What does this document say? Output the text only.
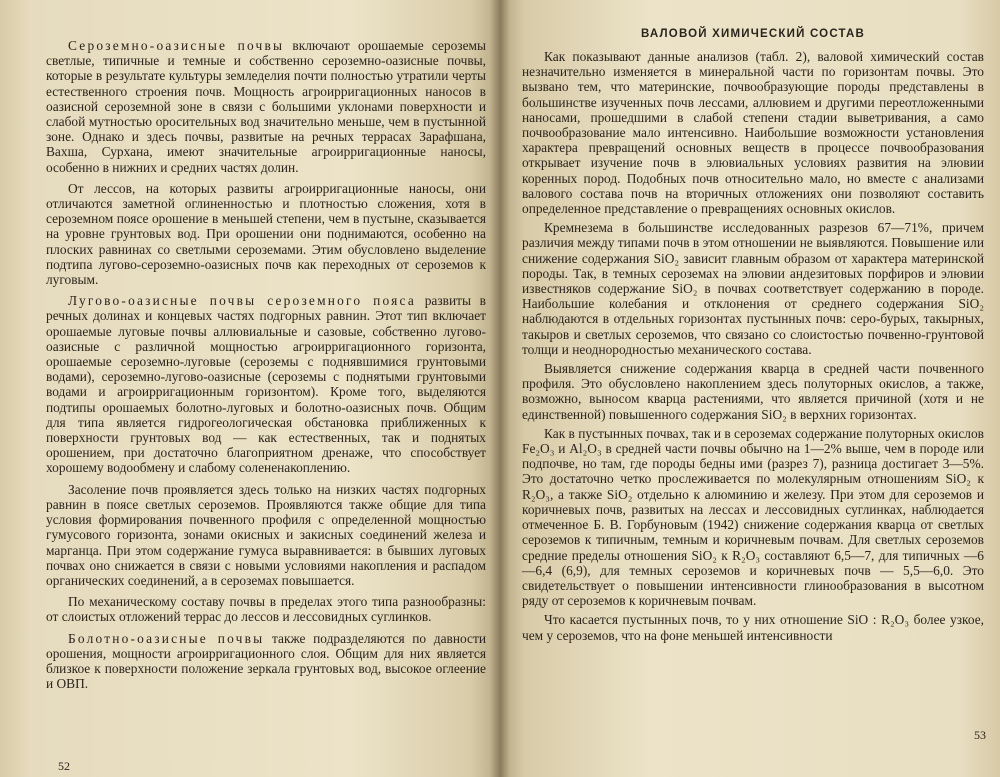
Сероземно-оазисные почвы включают орошаемые сероземы светлые, типичные и темные и собственно сероземно-оазисные почвы, которые в результате культуры земледелия почти полностью утратили черты естественного строения почв. Мощность агроирригационных наносов в оазисной сероземной зоне в связи с большими уклонами поверхности и слабой мутностью оросительных вод значительно меньше, чем в пустынной зоне. Однако и здесь почвы, развитые на речных террасах Зарафшана, Вахша, Сурхана, имеют значительные агроирригационные наносы, особенно в нижних и средних частях долин.

От лессов, на которых развиты агроирригационные наносы, они отличаются заметной оглиненностью и плотностью сложения, хотя в сероземном поясе орошение в меньшей степени, чем в пустыне, сказывается на уровне грунтовых вод. При орошении они поднимаются, особенно на плоских равнинах со светлыми сероземами. Этим обусловлено выделение подтипа лугово-сероземно-оазисных почв как переходных от сероземов к луговым.

Лугово-оазисные почвы сероземного пояса развиты в речных долинах и концевых частях подгорных равнин. Этот тип включает орошаемые луговые почвы аллювиальные и сазовые, собственно лугово-оазисные с различной мощностью агроирригационного горизонта, орошаемые сероземно-луговые (сероземы с поднявшимися грунтовыми водами), сероземно-лугово-оазисные (сероземы с поднятыми грунтовыми водами и агроирригационным горизонтом). Кроме того, выделяются подтипы орошаемых болотно-луговых и болотно-оазисных почв. Общим для типа является гидрогеологическая обстановка приближенных к поверхности грунтовых вод — как естественных, так и поднятых орошением, при достаточно благоприятном дренаже, что способствует хорошему водообмену и слабому солененакоплению.

Засоление почв проявляется здесь только на низких частях подгорных равнин в поясе светлых сероземов. Проявляются также общие для типа условия формирования почвенного профиля с определенной мощностью гумусового горизонта, зонами окисных и закисных соединений железа и марганца. При этом содержание гумуса выравнивается: в бывших луговых почвах оно снижается в связи с новыми условиями накопления и распадом органических соединений, а в сероземах повышается.

По механическому составу почвы в пределах этого типа разнообразны: от слоистых отложений террас до лессов и лессовидных суглинков.

Болотно-оазисные почвы также подразделяются по давности орошения, мощности агроирригационного слоя. Общим для них является близкое к поверхности положение зеркала грунтовых вод, высокое оглеение и ОВП.

52
ВАЛОВОЙ ХИМИЧЕСКИЙ СОСТАВ

Как показывают данные анализов (табл. 2), валовой химический состав незначительно изменяется в минеральной части по горизонтам почвы. Это вызвано тем, что материнские, почвообразующие породы представлены в большинстве изученных почв лессами, аллювием и другими переотложенными наносами, прошедшими в слабой степени стадии выветривания, а само почвообразование мало интенсивно. Наибольшие возможности установления характера превращений основных веществ в процессе почвообразования открывает изучение почв в элювиальных условиях развития на элювии коренных пород. Подобных почв относительно мало, но вместе с анализами валового состава почв на вторичных отложениях они позволяют составить определенное представление о превращениях основных окислов.

Кремнезема в большинстве исследованных разрезов 67—71%, причем различия между типами почв в этом отношении не выявляются. Повышение или снижение содержания SiO₂ зависит главным образом от характера материнской породы. Так, в темных сероземах на элювии андезитовых порфиров и элювии известняков содержание SiO₂ в почвах соответствует содержанию в породе. Наибольшие колебания и отклонения от среднего содержания SiO₂ наблюдаются в отдельных горизонтах пустынных почв: серо-бурых, такырных, такыров и светлых сероземов, что связано со слоистостью почвенно-грунтовой толщи и неоднородностью механического состава.

Выявляется снижение содержания кварца в средней части почвенного профиля. Это обусловлено накоплением здесь полуторных окислов, а также, возможно, выносом кварца растениями, что является причиной (хотя и не единственной) повышенного содержания SiO₂ в верхних горизонтах.

Как в пустынных почвах, так и в сероземах содержание полуторных окислов Fe₂O₃ и Al₂O₃ в средней части почвы обычно на 1—2% выше, чем в породе или подпочве, но там, где породы бедны ими (разрез 7), разница достигает 3—5%. Это достаточно четко прослеживается по молекулярным отношениям SiO₂ к R₂O₃, а также SiO₂ отдельно к алюминию и железу. При этом для сероземов и коричневых почв, развитых на лессах и лессовидных суглинках, наблюдается отмеченное Б. В. Горбуновым (1942) снижение содержания кварца от светлых сероземов к типичным, темным и коричневым почвам. Для светлых сероземов средние пределы отношения SiO₂ к R₂O₃ составляют 6,5—7, для типичных —6—6,4 (6,9), для темных сероземов и коричневых почв — 5,5—6,0. Это свидетельствует о повышении интенсивности глинообразования в высотном ряду от сероземов к коричневым почвам.

Что касается пустынных почв, то у них отношение SiO : R₂O₃ более узкое, чем у сероземов, что на фоне меньшей интенсивности

53
